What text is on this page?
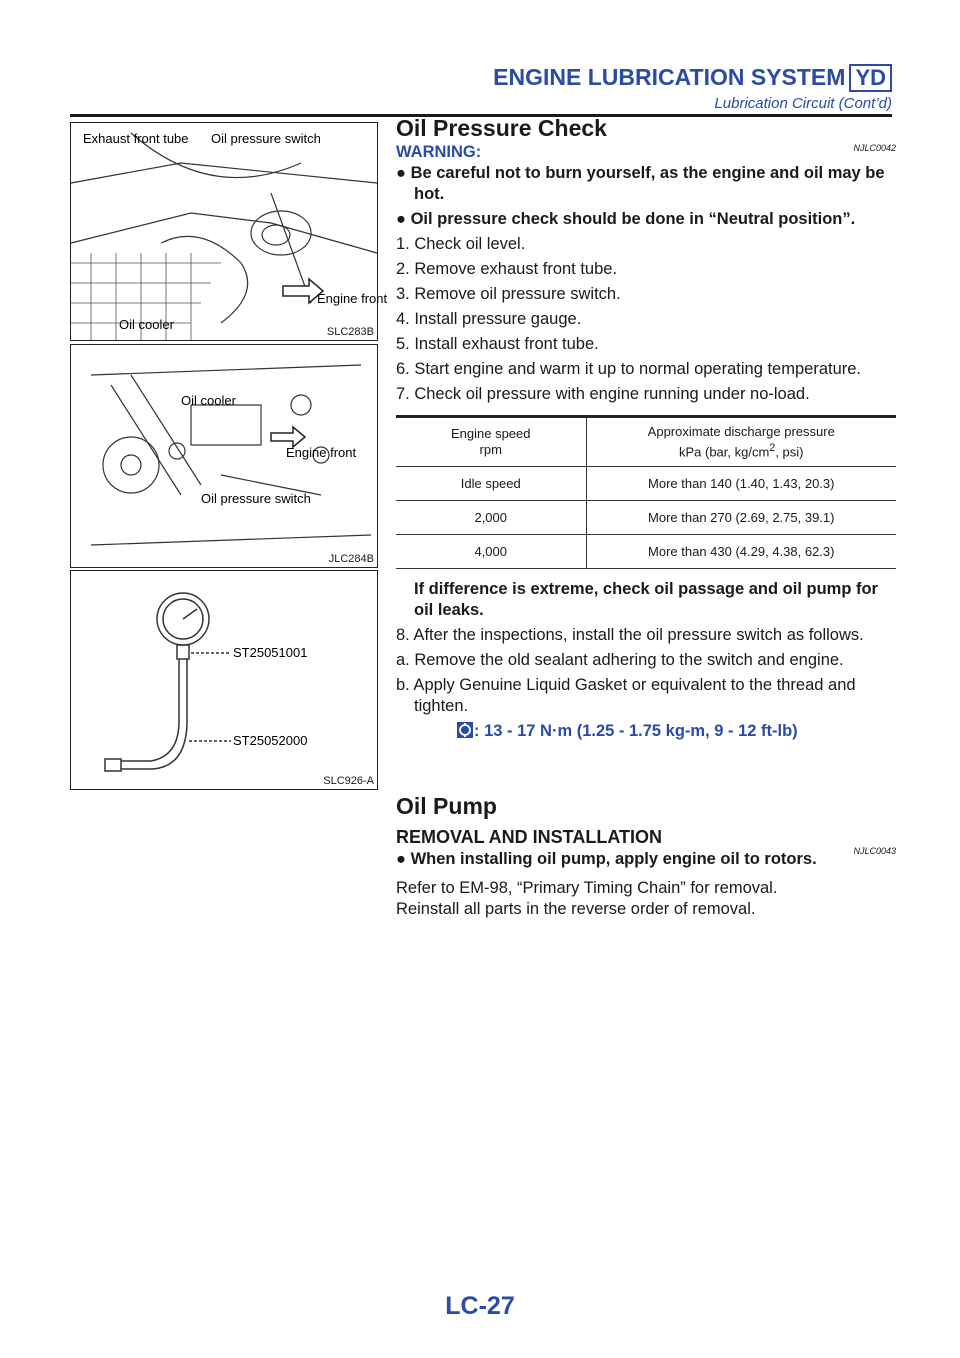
ENGINE LUBRICATION SYSTEM YD
Lubrication Circuit (Cont’d)
Exhaust front tube Oil pressure switch
Engine front
Oil cooler	SLC283B
Oil cooler
Engine front
Oil pressure switch
JLC284B
ST25051001
ST25052000
SLC926-A
Oil Pressure Check
NJLC0042
WARNING:
● Be careful not to burn yourself, as the engine and oil may be hot.
● Oil pressure check should be done in “Neutral position”.
1. Check oil level.
2. Remove exhaust front tube.
3. Remove oil pressure switch.
4. Install pressure gauge.
5. Install exhaust front tube.
6. Start engine and warm it up to normal operating temperature.
7. Check oil pressure with engine running under no-load.
Engine speed
rpm	Approximate discharge pressure
kPa (bar, $kg/cm^2$, psi)
Idle speed	More than 140 (1.40, 1.43, 20.3)
2,000	More than 270 (2.69, 2.75, 39.1)
4,000	More than 430 (4.29, 4.38, 62.3)
If difference is extreme, check oil passage and oil pump for oil leaks.
8. After the inspections, install the oil pressure switch as follows.
a. Remove the old sealant adhering to the switch and engine.
b. Apply Genuine Liquid Gasket or equivalent to the thread and tighten.
: 13 - 17 N·m (1.25 - 1.75 kg-m, 9 - 12 ft-lb)
Oil Pump
REMOVAL AND INSTALLATION
NJLC0043
● When installing oil pump, apply engine oil to rotors.
Refer to EM-98, “Primary Timing Chain” for removal.
Reinstall all parts in the reverse order of removal.
LC-27
